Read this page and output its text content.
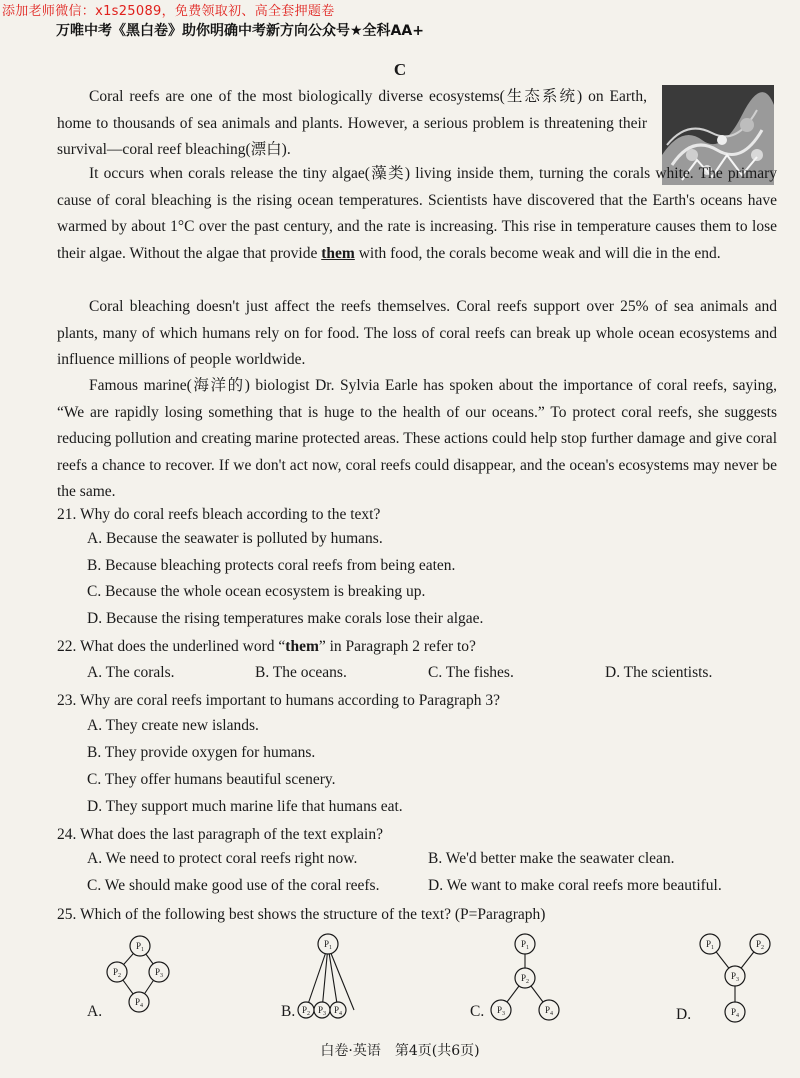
添加老师微信：x1s25089，免费领取初、高全套押题卷
万唯中考《黑白卷》助你明确中考新方向公众号★全科AA+
C

Coral reefs are one of the most biologically diverse ecosystems(生态系统) on Earth, home to thousands of sea animals and plants. However, a serious problem is threatening their survival—coral reef bleaching(漂白).

It occurs when corals release the tiny algae(藻类) living inside them, turning the corals white. The primary cause of coral bleaching is the rising ocean temperatures. Scientists have discovered that the Earth's oceans have warmed by about 1°C over the past century, and the rate is increasing. This rise in temperature causes them to lose their algae. Without the algae that provide them with food, the corals become weak and will die in the end.

Coral bleaching doesn't just affect the reefs themselves. Coral reefs support over 25% of sea animals and plants, many of which humans rely on for food. The loss of coral reefs can break up whole ocean ecosystems and influence millions of people worldwide.

Famous marine(海洋的) biologist Dr. Sylvia Earle has spoken about the importance of coral reefs, saying, “We are rapidly losing something that is huge to the health of our oceans.” To protect coral reefs, she suggests reducing pollution and creating marine protected areas. These actions could help stop further damage and give coral reefs a chance to recover. If we don't act now, coral reefs could disappear, and the ocean's ecosystems may never be the same.

21. Why do coral reefs bleach according to the text?
A. Because the seawater is polluted by humans.
B. Because bleaching protects coral reefs from being eaten.
C. Because the whole ocean ecosystem is breaking up.
D. Because the rising temperatures make corals lose their algae.
22. What does the underlined word “them” in Paragraph 2 refer to?
A. The corals.	B. The oceans.	C. The fishes.	D. The scientists.
23. Why are coral reefs important to humans according to Paragraph 3?
A. They create new islands.
B. They provide oxygen for humans.
C. They offer humans beautiful scenery.
D. They support much marine life that humans eat.
24. What does the last paragraph of the text explain?
A. We need to protect coral reefs right now.	B. We'd better make the seawater clean.
C. We should make good use of the coral reefs.	D. We want to make coral reefs more beautiful.
25. Which of the following best shows the structure of the text? (P=Paragraph)
A.	B.	C.	D.
$P_1$
$P_2$	$P_3$
$P_4$
$P_1$
$P_2$ $P_3$ $P_4$
$P_1$
$P_2$
$P_3$	$P_4$
$P_1$	$P_2$
$P_3$
$P_4$
白卷·英语　第4页(共6页)
